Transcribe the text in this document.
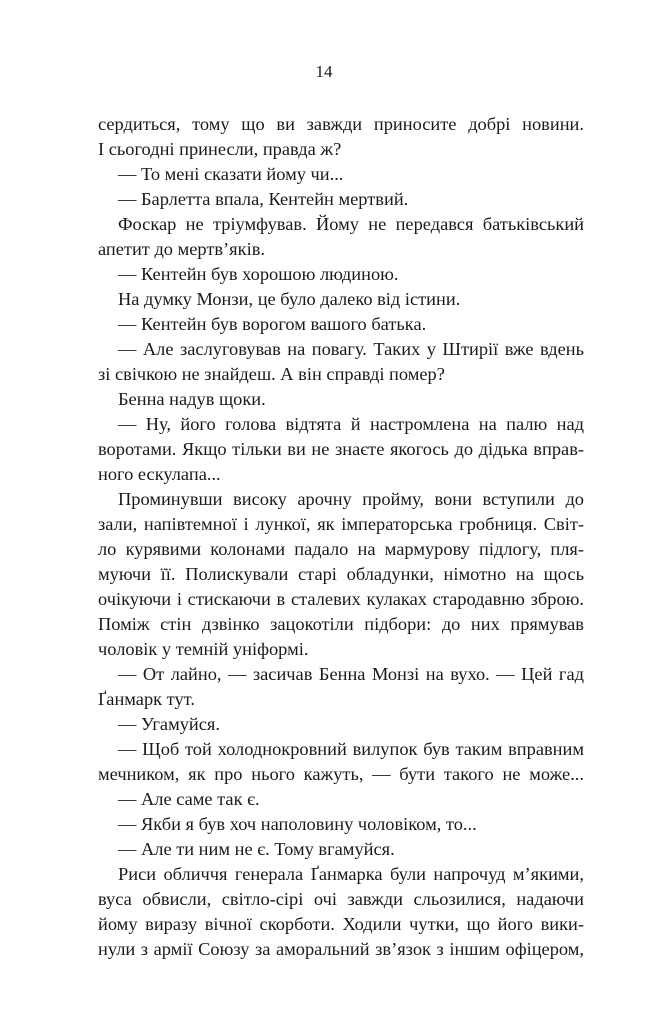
14
сердиться, тому що ви завжди приносите добрі новини.
І сьогодні принесли, правда ж?
— То мені сказати йому чи...
— Барлетта впала, Кентейн мертвий.
Фоскар не тріумфував. Йому не передався батьківський
апетит до мертв’яків.
— Кентейн був хорошою людиною.
На думку Монзи, це було далеко від істини.
— Кентейн був ворогом вашого батька.
— Але заслуговував на повагу. Таких у Штирії вже вдень
зі свічкою не знайдеш. А він справді помер?
Бенна надув щоки.
— Ну, його голова відтята й настромлена на палю над
воротами. Якщо тільки ви не знаєте якогось до дідька вправ-
ного ескулапа...
Проминувши високу арочну пройму, вони вступили до
зали, напівтемної і лункої, як імператорська гробниця. Світ-
ло курявими колонами падало на мармурову підлогу, пля-
муючи її. Полискували старі обладунки, німотно на щось
очікуючи і стискаючи в сталевих кулаках стародавню зброю.
Поміж стін дзвінко зацокотіли підбори: до них прямував
чоловік у темній уніформі.
— От лайно, — засичав Бенна Монзі на вухо. — Цей гад
Ґанмарк тут.
— Угамуйся.
— Щоб той холоднокровний вилупок був таким вправним
мечником, як про нього кажуть, — бути такого не може...
— Але саме так є.
— Якби я був хоч наполовину чоловіком, то...
— Але ти ним не є. Тому вгамуйся.
Риси обличчя генерала Ґанмарка були напрочуд м’якими,
вуса обвисли, світло-сірі очі завжди сльозилися, надаючи
йому виразу вічної скорботи. Ходили чутки, що його вики-
нули з армії Союзу за аморальний зв’язок з іншим офіцером,
